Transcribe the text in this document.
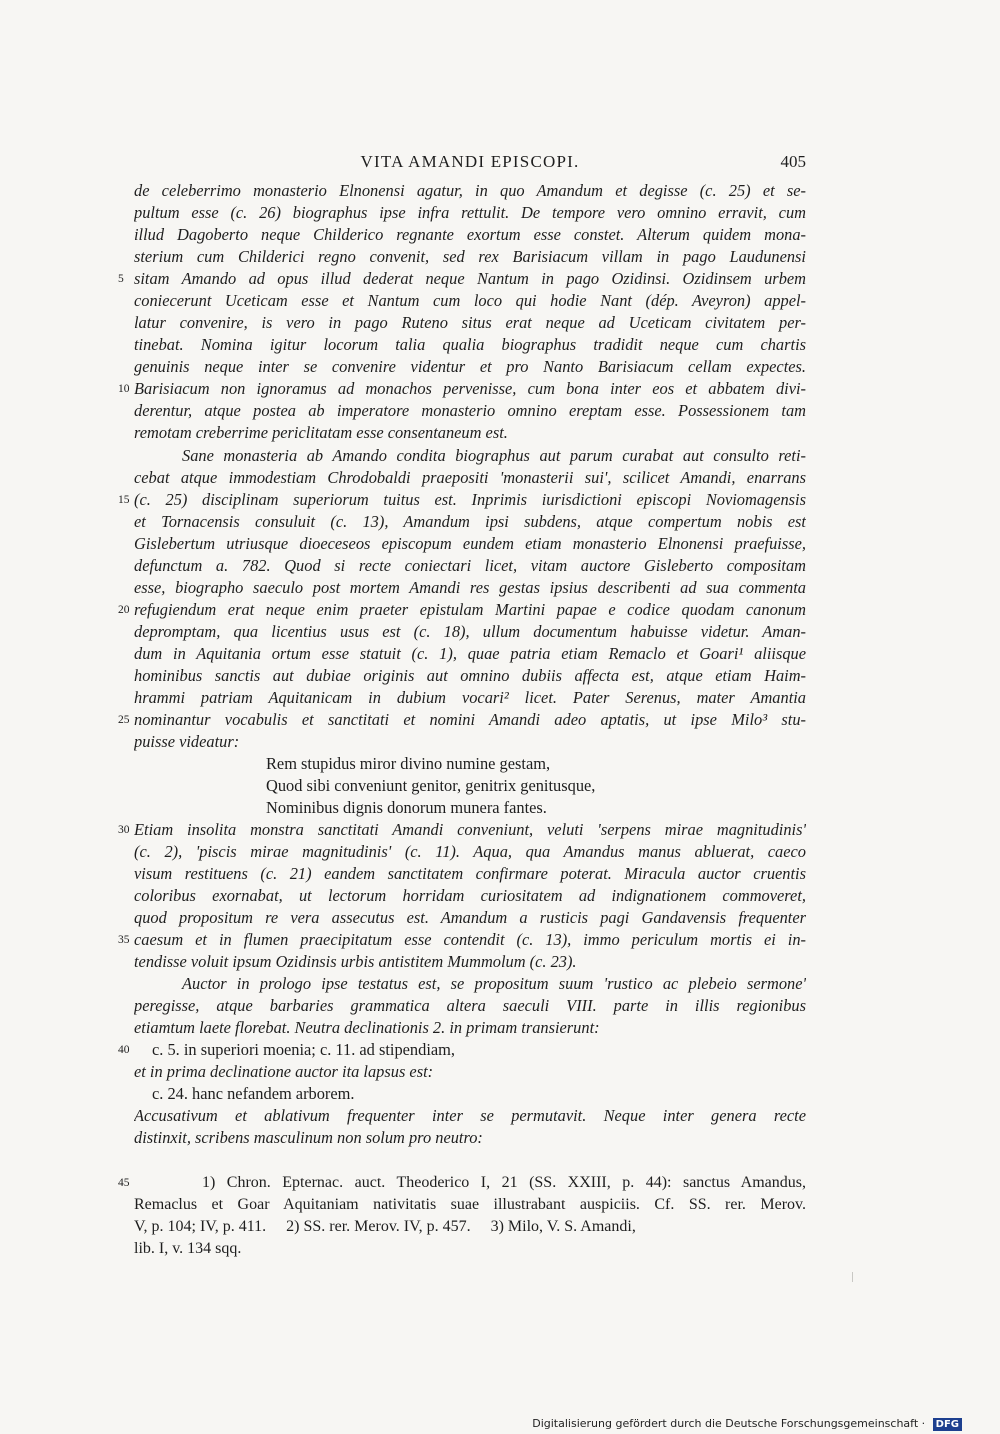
VITA AMANDI EPISCOPI.	405
de celeberrimo monasterio Elnonensi agatur, in quo Amandum et degisse (c. 25) et se-
pultum esse (c. 26) biographus ipse infra rettulit. De tempore vero omnino erravit, cum
illud Dagoberto neque Childerico regnante exortum esse constet. Alterum quidem mona-
sterium cum Childerici regno convenit, sed rex Barisiacum villam in pago Laudunensi
sitam Amando ad opus illud dederat neque Nantum in pago Ozidinsi. Ozidinsem urbem
coniecerunt Uceticam esse et Nantum cum loco qui hodie Nant (dép. Aveyron) appel-
latur convenire, is vero in pago Ruteno situs erat neque ad Uceticam civitatem per-
tinebat. Nomina igitur locorum talia qualia biographus tradidit neque cum chartis
genuinis neque inter se convenire videntur et pro Nanto Barisiacum cellam expectes.
Barisiacum non ignoramus ad monachos pervenisse, cum bona inter eos et abbatem divi-
derentur, atque postea ab imperatore monasterio omnino ereptam esse. Possessionem tam
remotam creberrime periclitatam esse consentaneum est.
Sane monasteria ab Amando condita biographus aut parum curabat aut consulto reti-
cebat atque immodestiam Chrodobaldi praepositi 'monasterii sui', scilicet Amandi, enarrans
(c. 25) disciplinam superiorum tuitus est. Inprimis iurisdictioni episcopi Noviomagensis
et Tornacensis consuluit (c. 13), Amandum ipsi subdens, atque compertum nobis est
Gislebertum utriusque dioeceseos episcopum eundem etiam monasterio Elnonensi praefuisse,
defunctum a. 782. Quod si recte coniectari licet, vitam auctore Gisleberto compositam
esse, biographo saeculo post mortem Amandi res gestas ipsius describenti ad sua commenta
refugiendum erat neque enim praeter epistulam Martini papae e codice quodam canonum
depromptam, qua licentius usus est (c. 18), ullum documentum habuisse videtur. Aman-
dum in Aquitania ortum esse statuit (c. 1), quae patria etiam Remaclo et Goari¹ aliisque
hominibus sanctis aut dubiae originis aut omnino dubiis affecta est, atque etiam Haim-
hrammi patriam Aquitanicam in dubium vocari² licet. Pater Serenus, mater Amantia
nominantur vocabulis et sanctitati et nomini Amandi adeo aptatis, ut ipse Milo³ stu-
puisse videatur:
Rem stupidus miror divino numine gestam,
Quod sibi conveniunt genitor, genitrix genitusque,
Nominibus dignis donorum munera fantes.
Etiam insolita monstra sanctitati Amandi conveniunt, veluti 'serpens mirae magnitudinis'
(c. 2), 'piscis mirae magnitudinis' (c. 11). Aqua, qua Amandus manus abluerat, caeco
visum restituens (c. 21) eandem sanctitatem confirmare poterat. Miracula auctor cruentis
coloribus exornabat, ut lectorum horridam curiositatem ad indignationem commoveret,
quod propositum re vera assecutus est. Amandum a rusticis pagi Gandavensis frequenter
caesum et in flumen praecipitatum esse contendit (c. 13), immo periculum mortis ei in-
tendisse voluit ipsum Ozidinsis urbis antistitem Mummolum (c. 23).
Auctor in prologo ipse testatus est, se propositum suum 'rustico ac plebeio sermone'
peregisse, atque barbaries grammatica altera saeculi VIII. parte in illis regionibus
etiamtum laete florebat. Neutra declinationis 2. in primam transierunt:
c. 5. in superiori moenia; c. 11. ad stipendiam,
et in prima declinatione auctor ita lapsus est:
c. 24. hanc nefandem arborem.
Accusativum et ablativum frequenter inter se permutavit. Neque inter genera recte
distinxit, scribens masculinum non solum pro neutro:
5
10
15
20
25
30
35
40
45	1) Chron. Epternac. auct. Theoderico I, 21 (SS. XXIII, p. 44): sanctus Amandus,
Remaclus et Goar Aquitaniam nativitatis suae illustrabant auspiciis. Cf. SS. rer. Merov.
V, p. 104; IV, p. 411.     2) SS. rer. Merov. IV, p. 457.     3) Milo, V. S. Amandi,
lib. I, v. 134 sqq.
Digitalisierung gefördert durch die Deutsche Forschungsgemeinschaft · DFG
